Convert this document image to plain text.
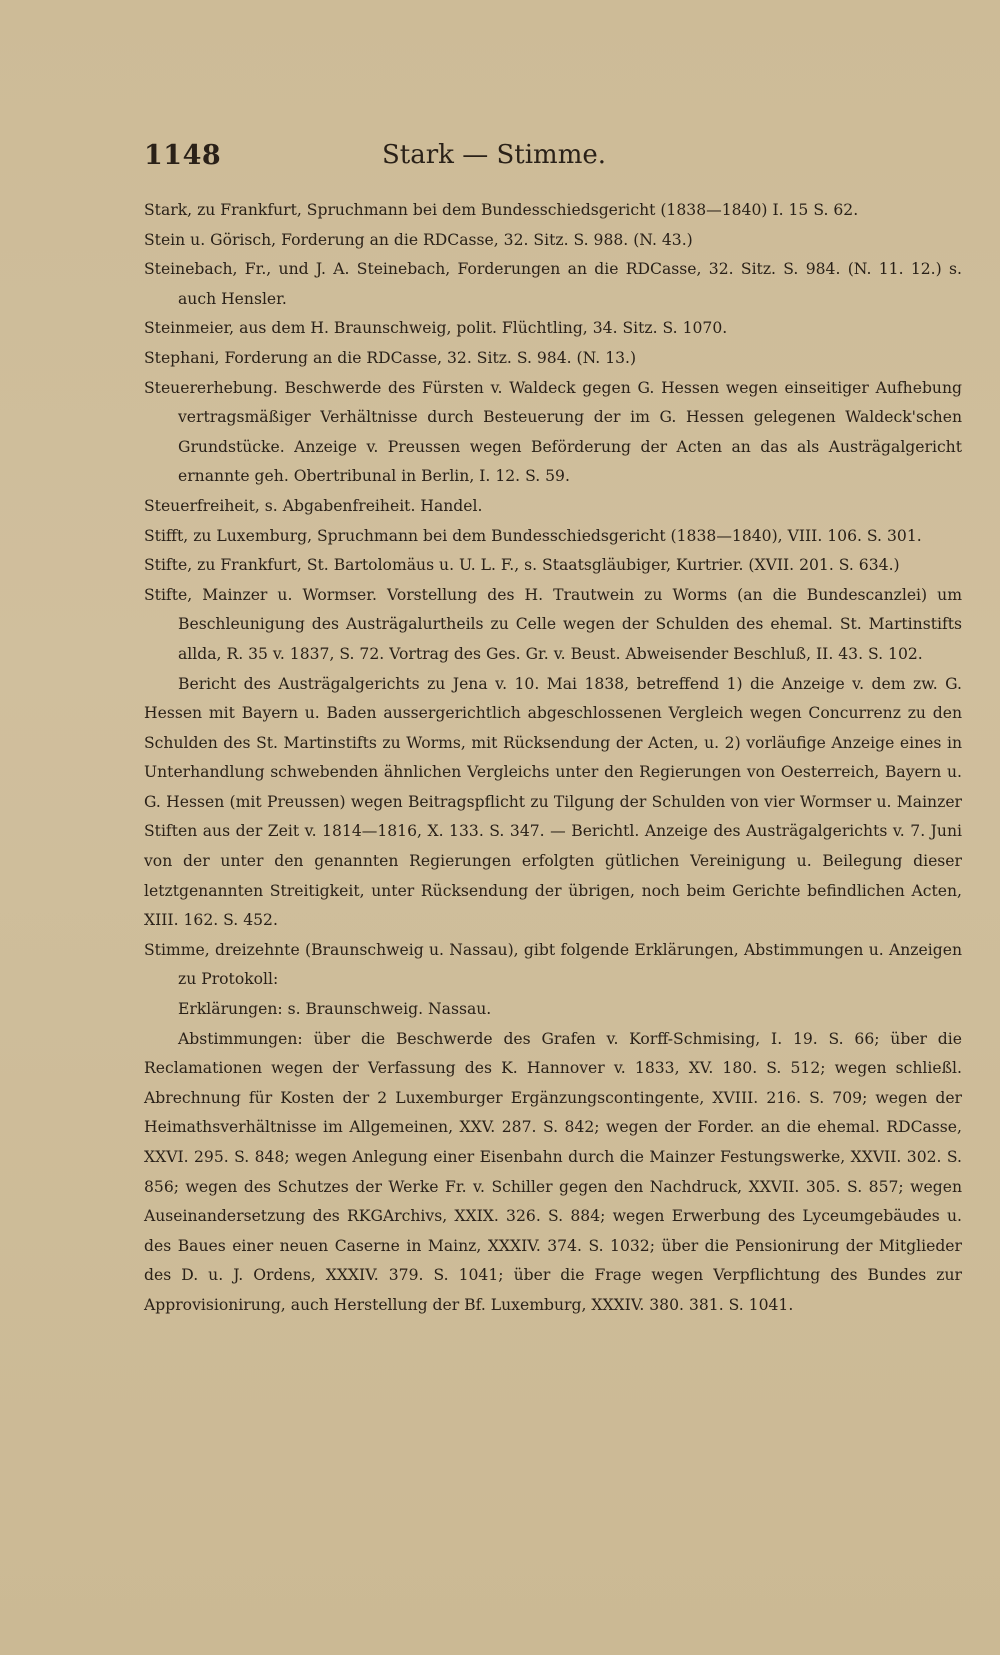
1148	Stark — Stimme.

Stark, zu Frankfurt, Spruchmann bei dem Bundesschiedsgericht (1838—1840) I. 15 S. 62.

Stein u. Görisch, Forderung an die RDCasse, 32. Sitz. S. 988. (N. 43.)

Steinebach, Fr., und J. A. Steinebach, Forderungen an die RDCasse, 32. Sitz. S. 984. (N. 11. 12.) s. auch Hensler.

Steinmeier, aus dem H. Braunschweig, polit. Flüchtling, 34. Sitz. S. 1070.

Stephani, Forderung an die RDCasse, 32. Sitz. S. 984. (N. 13.)

Steuererhebung. Beschwerde des Fürsten v. Waldeck gegen G. Hessen wegen einseitiger Aufhebung vertragsmäßiger Verhältnisse durch Besteuerung der im G. Hessen gelegenen Waldeck'schen Grundstücke. Anzeige v. Preussen wegen Beförderung der Acten an das als Austrägalgericht ernannte geh. Obertribunal in Berlin, I. 12. S. 59.

Steuerfreiheit, s. Abgabenfreiheit. Handel.

Stifft, zu Luxemburg, Spruchmann bei dem Bundesschiedsgericht (1838—1840), VIII. 106. S. 301.

Stifte, zu Frankfurt, St. Bartolomäus u. U. L. F., s. Staatsgläubiger, Kurtrier. (XVII. 201. S. 634.)

Stifte, Mainzer u. Wormser. Vorstellung des H. Trautwein zu Worms (an die Bundescanzlei) um Beschleunigung des Austrägalurtheils zu Celle wegen der Schulden des ehemal. St. Martinstifts allda, R. 35 v. 1837, S. 72. Vortrag des Ges. Gr. v. Beust. Abweisender Beschluß, II. 43. S. 102.

Bericht des Austrägalgerichts zu Jena v. 10. Mai 1838, betreffend 1) die Anzeige v. dem zw. G. Hessen mit Bayern u. Baden aussergerichtlich abgeschlossenen Vergleich wegen Concurrenz zu den Schulden des St. Martinstifts zu Worms, mit Rücksendung der Acten, u. 2) vorläufige Anzeige eines in Unterhandlung schwebenden ähnlichen Vergleichs unter den Regierungen von Oesterreich, Bayern u. G. Hessen (mit Preussen) wegen Beitragspflicht zu Tilgung der Schulden von vier Wormser u. Mainzer Stiften aus der Zeit v. 1814—1816, X. 133. S. 347. — Berichtl. Anzeige des Austrägalgerichts v. 7. Juni von der unter den genannten Regierungen erfolgten gütlichen Vereinigung u. Beilegung dieser letztgenannten Streitigkeit, unter Rücksendung der übrigen, noch beim Gerichte befindlichen Acten, XIII. 162. S. 452.

Stimme, dreizehnte (Braunschweig u. Nassau), gibt folgende Erklärungen, Abstimmungen u. Anzeigen zu Protokoll:

Erklärungen: s. Braunschweig. Nassau.

Abstimmungen: über die Beschwerde des Grafen v. Korff-Schmising, I. 19. S. 66; über die Reclamationen wegen der Verfassung des K. Hannover v. 1833, XV. 180. S. 512; wegen schließl. Abrechnung für Kosten der 2 Luxemburger Ergänzungscontingente, XVIII. 216. S. 709; wegen der Heimathsverhältnisse im Allgemeinen, XXV. 287. S. 842; wegen der Forder. an die ehemal. RDCasse, XXVI. 295. S. 848; wegen Anlegung einer Eisenbahn durch die Mainzer Festungswerke, XXVII. 302. S. 856; wegen des Schutzes der Werke Fr. v. Schiller gegen den Nachdruck, XXVII. 305. S. 857; wegen Auseinandersetzung des RKGArchivs, XXIX. 326. S. 884; wegen Erwerbung des Lyceumgebäudes u. des Baues einer neuen Caserne in Mainz, XXXIV. 374. S. 1032; über die Pensionirung der Mitglieder des D. u. J. Ordens, XXXIV. 379. S. 1041; über die Frage wegen Verpflichtung des Bundes zur Approvisionirung, auch Herstellung der Bf. Luxemburg, XXXIV. 380. 381. S. 1041.
